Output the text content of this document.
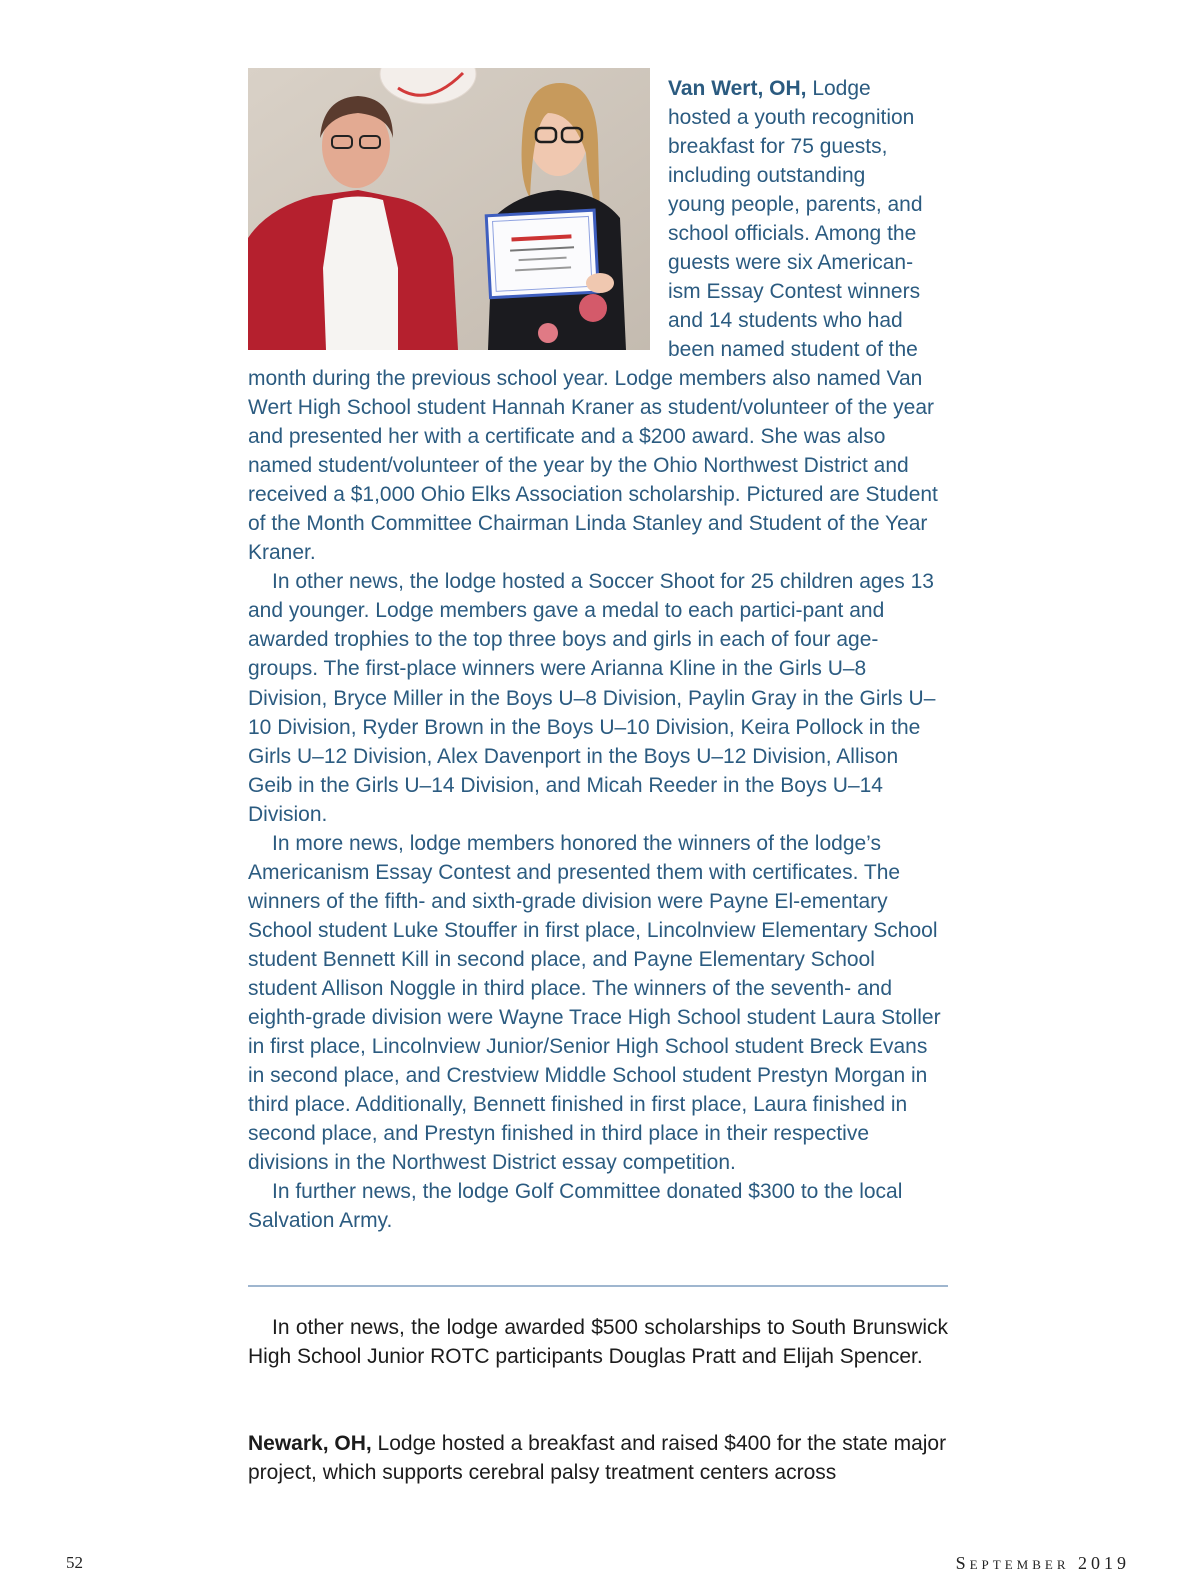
Van Wert, OH, Lodge
hosted a youth recognition
breakfast for 75 guests,
including outstanding
young people, parents, and
school officials. Among the
guests were six American-
ism Essay Contest winners
and 14 students who had
been named student of the

month during the previous school year. Lodge members also named Van Wert High School student Hannah Kraner as student/volunteer of the year and presented her with a certificate and a $200 award. She was also named student/volunteer of the year by the Ohio Northwest District and received a $1,000 Ohio Elks Association scholarship. Pictured are Student of the Month Committee Chairman Linda Stanley and Student of the Year Kraner.

In other news, the lodge hosted a Soccer Shoot for 25 children ages 13 and younger. Lodge members gave a medal to each partici-pant and awarded trophies to the top three boys and girls in each of four age-groups. The first-place winners were Arianna Kline in the Girls U–8 Division, Bryce Miller in the Boys U–8 Division, Paylin Gray in the Girls U–10 Division, Ryder Brown in the Boys U–10 Division, Keira Pollock in the Girls U–12 Division, Alex Davenport in the Boys U–12 Division, Allison Geib in the Girls U–14 Division, and Micah Reeder in the Boys U–14 Division.

In more news, lodge members honored the winners of the lodge’s Americanism Essay Contest and presented them with certificates. The winners of the fifth- and sixth-grade division were Payne El-ementary School student Luke Stouffer in first place, Lincolnview Elementary School student Bennett Kill in second place, and Payne Elementary School student Allison Noggle in third place. The winners of the seventh- and eighth-grade division were Wayne Trace High School student Laura Stoller in first place, Lincolnview Junior/Senior High School student Breck Evans in second place, and Crestview Middle School student Prestyn Morgan in third place. Additionally, Bennett finished in first place, Laura finished in second place, and Prestyn finished in third place in their respective divisions in the Northwest District essay competition.

In further news, the lodge Golf Committee donated $300 to the local Salvation Army.

In other news, the lodge awarded $500 scholarships to South Brunswick High School Junior ROTC participants Douglas Pratt and Elijah Spencer.

Newark, OH, Lodge hosted a breakfast and raised $400 for the state major project, which supports cerebral palsy treatment centers across

52	September 2019
